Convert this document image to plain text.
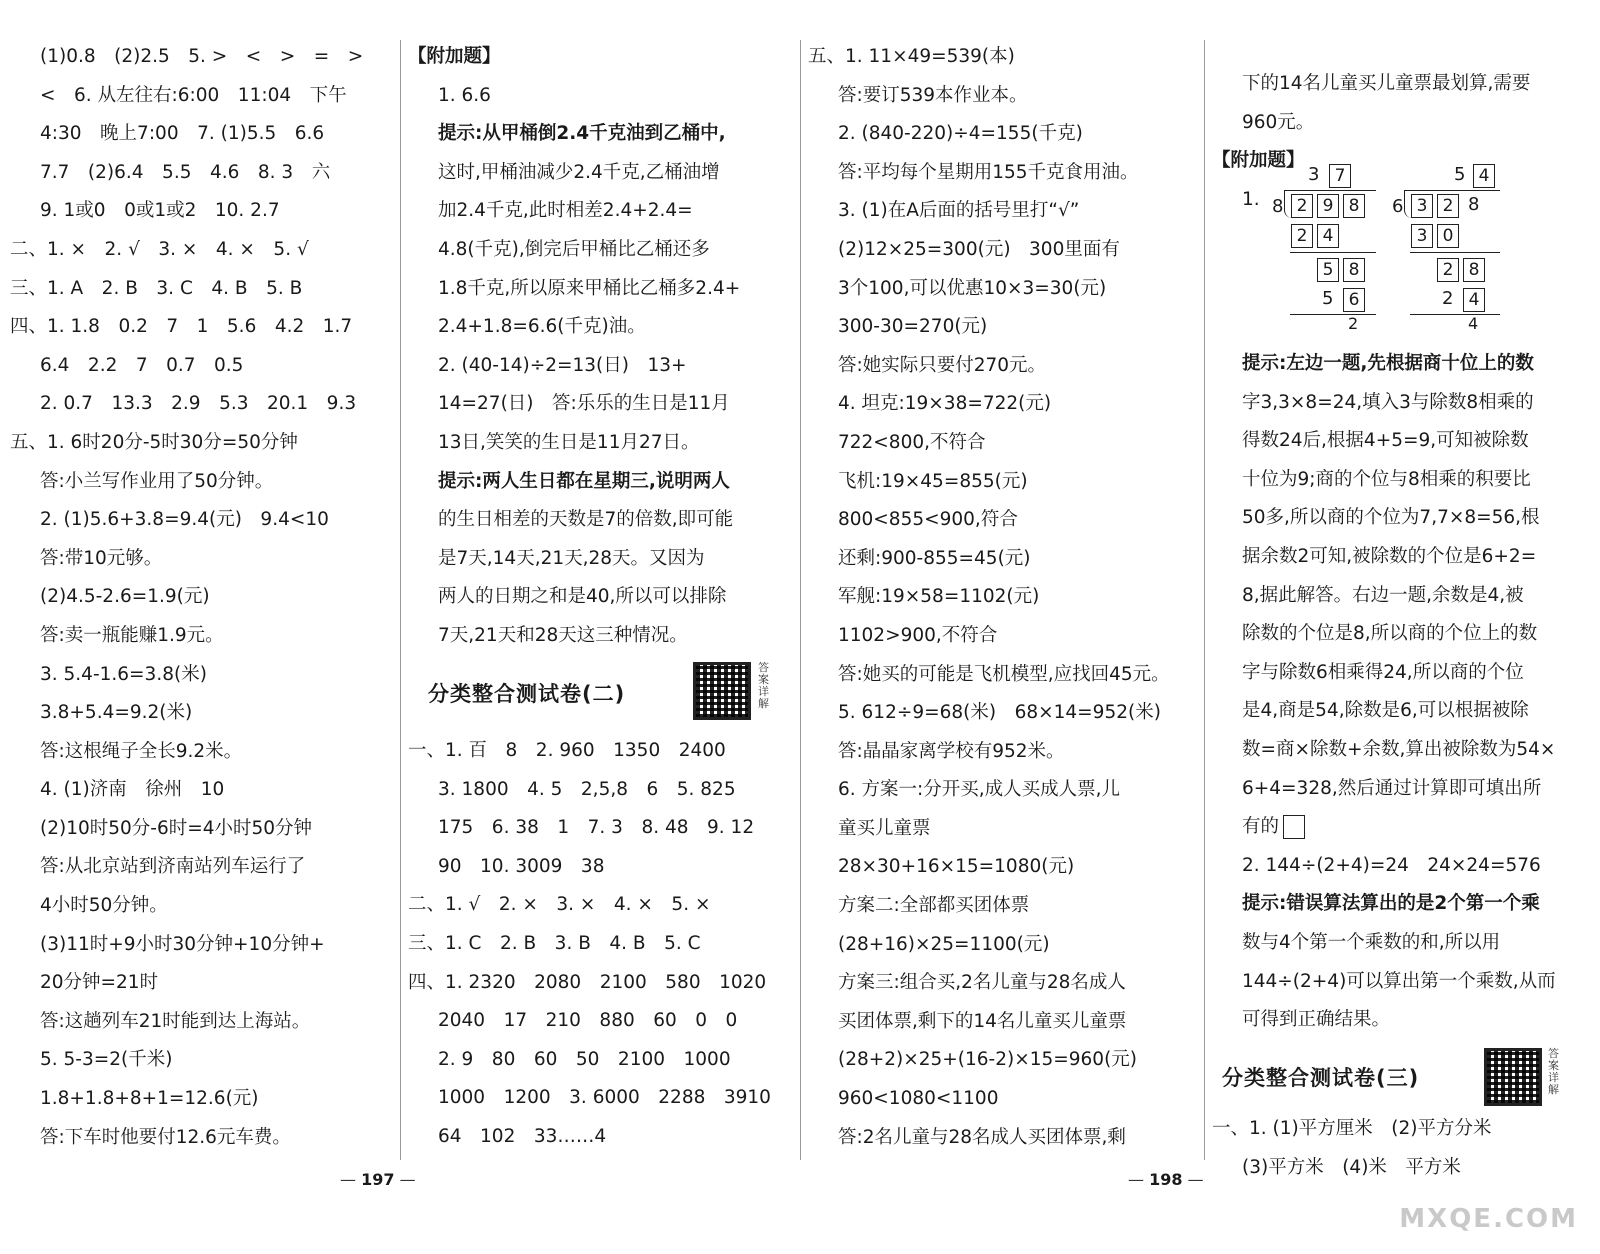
(1)0.8　(2)2.5　5. >　<　>　=　>
<　6. 从左往右:6:00　11:04　下午
4:30　晚上7:00　7. (1)5.5　6.6
7.7　(2)6.4　5.5　4.6　8. 3　六
9. 1或0　0或1或2　10. 2.7
二、1. ×　2. √　3. ×　4. ×　5. √
三、1. A　2. B　3. C　4. B　5. B
四、1. 1.8　0.2　7　1　5.6　4.2　1.7
6.4　2.2　7　0.7　0.5
2. 0.7　13.3　2.9　5.3　20.1　9.3
五、1. 6时20分-5时30分=50分钟
答:小兰写作业用了50分钟。
2. (1)5.6+3.8=9.4(元)　9.4<10
答:带10元够。
(2)4.5-2.6=1.9(元)
答:卖一瓶能赚1.9元。
3. 5.4-1.6=3.8(米)
3.8+5.4=9.2(米)
答:这根绳子全长9.2米。
4. (1)济南　徐州　10
(2)10时50分-6时=4小时50分钟
答:从北京站到济南站列车运行了
4小时50分钟。
(3)11时+9小时30分钟+10分钟+
20分钟=21时
答:这趟列车21时能到达上海站。
5. 5-3=2(千米)
1.8+1.8+8+1=12.6(元)
答:下车时他要付12.6元车费。
【附加题】
1. 6.6
提示:从甲桶倒2.4千克油到乙桶中,
这时,甲桶油减少2.4千克,乙桶油增
加2.4千克,此时相差2.4+2.4=
4.8(千克),倒完后甲桶比乙桶还多
1.8千克,所以原来甲桶比乙桶多2.4+
2.4+1.8=6.6(千克)油。
2. (40-14)÷2=13(日)　13+
14=27(日)　答:乐乐的生日是11月
13日,笑笑的生日是11月27日。
提示:两人生日都在星期三,说明两人
的生日相差的天数是7的倍数,即可能
是7天,14天,21天,28天。又因为
两人的日期之和是40,所以可以排除
7天,21天和28天这三种情况。
分类整合测试卷(二)
答案详解
一、1. 百　8　2. 960　1350　2400
3. 1800　4. 5　2,5,8　6　5. 825
175　6. 38　1　7. 3　8. 48　9. 12
90　10. 3009　38
二、1. √　2. ×　3. ×　4. ×　5. ×
三、1. C　2. B　3. B　4. B　5. C
四、1. 2320　2080　2100　580　1020
2040　17　210　880　60　0　0
2. 9　80　60　50　2100　1000
1000　1200　3. 6000　2288　3910
64　102　33……4
五、1. 11×49=539(本)
答:要订539本作业本。
2. (840-220)÷4=155(千克)
答:平均每个星期用155千克食用油。
3. (1)在A后面的括号里打“√”
(2)12×25=300(元)　300里面有
3个100,可以优惠10×3=30(元)
300-30=270(元)
答:她实际只要付270元。
4. 坦克:19×38=722(元)
722<800,不符合
飞机:19×45=855(元)
800<855<900,符合
还剩:900-855=45(元)
军舰:19×58=1102(元)
1102>900,不符合
答:她买的可能是飞机模型,应找回45元。
5. 612÷9=68(米)　68×14=952(米)
答:晶晶家离学校有952米。
6. 方案一:分开买,成人买成人票,儿
童买儿童票
28×30+16×15=1080(元)
方案二:全部都买团体票
(28+16)×25=1100(元)
方案三:组合买,2名儿童与28名成人
买团体票,剩下的14名儿童买儿童票
(28+2)×25+(16-2)×15=960(元)
960<1080<1100
答:2名儿童与28名成人买团体票,剩
下的14名儿童买儿童票最划算,需要
960元。
【附加题】
1.
7
3
8 2 9 8
2 4
5 8
5 6
2
4
5
6 3 2 8
3 0
2 8
2 4
4
提示:左边一题,先根据商十位上的数
字3,3×8=24,填入3与除数8相乘的
得数24后,根据4+5=9,可知被除数
十位为9;商的个位与8相乘的积要比
50多,所以商的个位为7,7×8=56,根
据余数2可知,被除数的个位是6+2=
8,据此解答。右边一题,余数是4,被
除数的个位是8,所以商的个位上的数
字与除数6相乘得24,所以商的个位
是4,商是54,除数是6,可以根据被除
数=商×除数+余数,算出被除数为54×
6+4=328,然后通过计算即可填出所
有的
2. 144÷(2+4)=24　24×24=576
提示:错误算法算出的是2个第一个乘
数与4个第一个乘数的和,所以用
144÷(2+4)可以算出第一个乘数,从而
可得到正确结果。
分类整合测试卷(三)
答案详解
一、1. (1)平方厘米　(2)平方分米
(3)平方米　(4)米　平方米
— 197 —	— 198 —
MXQE.COM
